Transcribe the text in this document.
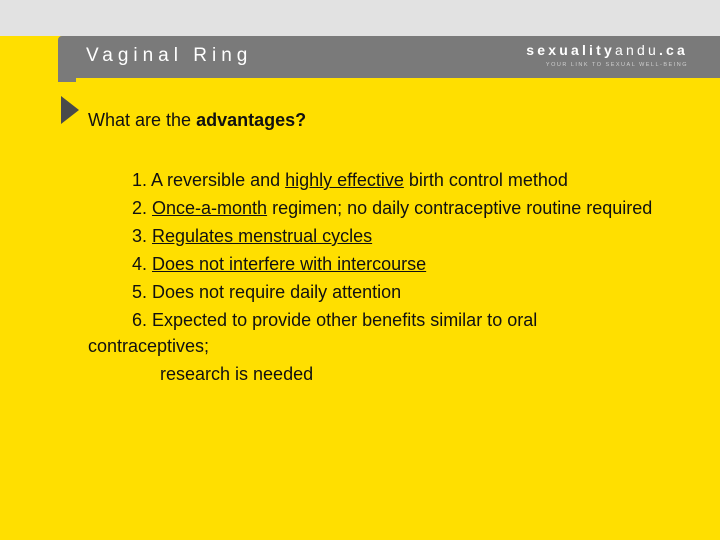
Vaginal Ring	sexualityandu.ca
YOUR LINK TO SEXUAL WELL-BEING
What are the advantages?
1. A reversible and highly effective birth control method
2. Once-a-month regimen; no daily contraceptive routine required
3. Regulates menstrual cycles
4. Does not interfere with intercourse
5. Does not require daily attention
6. Expected to provide other benefits similar to oral contraceptives;
research is needed
